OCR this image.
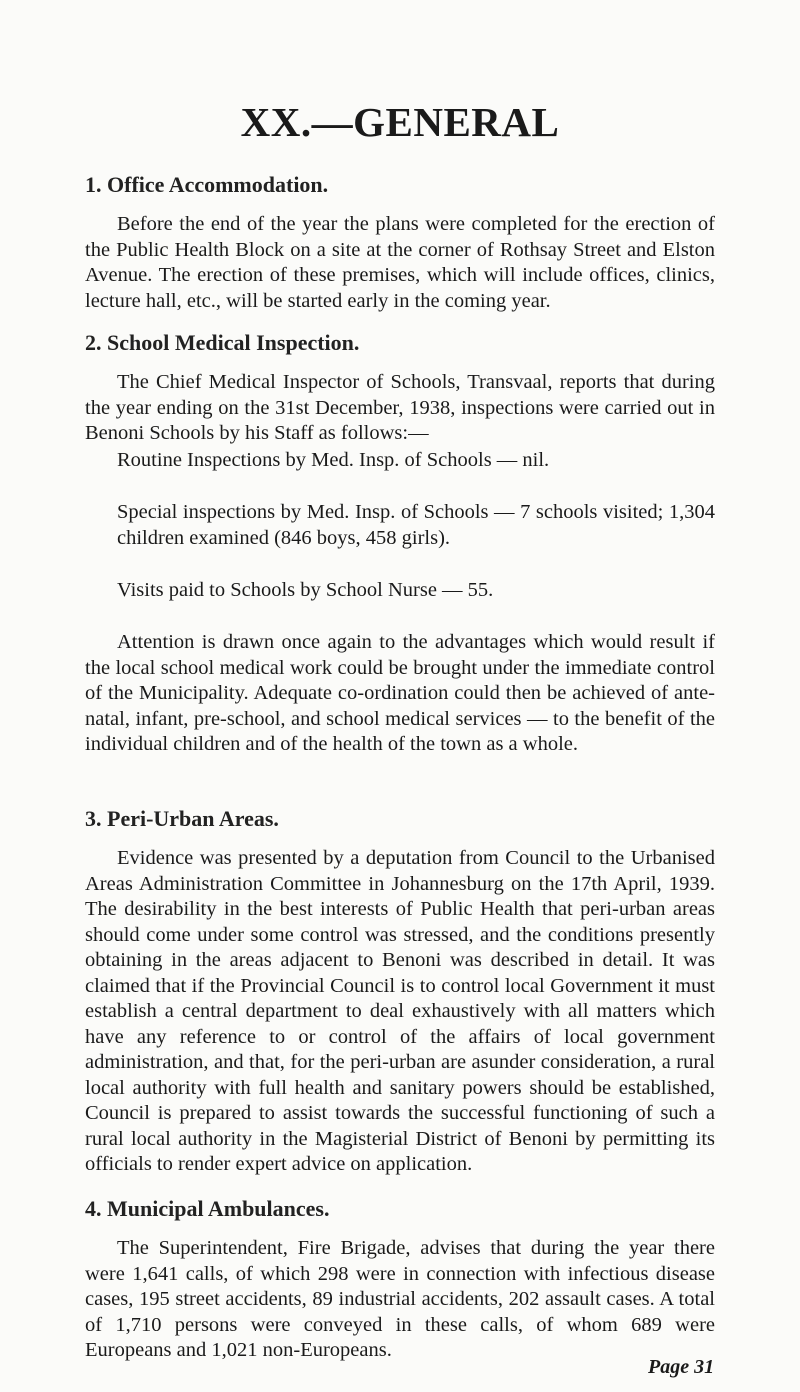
XX.—GENERAL
1. Office Accommodation.
Before the end of the year the plans were completed for the erection of the Public Health Block on a site at the corner of Rothsay Street and Elston Avenue. The erection of these premises, which will include offices, clinics, lecture hall, etc., will be started early in the coming year.
2. School Medical Inspection.
The Chief Medical Inspector of Schools, Transvaal, reports that during the year ending on the 31st December, 1938, inspections were carried out in Benoni Schools by his Staff as follows:—
Routine Inspections by Med. Insp. of Schools — nil.
Special inspections by Med. Insp. of Schools — 7 schools visited; 1,304 children examined (846 boys, 458 girls).
Visits paid to Schools by School Nurse — 55.
Attention is drawn once again to the advantages which would result if the local school medical work could be brought under the immediate control of the Municipality. Adequate co-ordination could then be achieved of ante-natal, infant, pre-school, and school medical services — to the benefit of the individual children and of the health of the town as a whole.
3. Peri-Urban Areas.
Evidence was presented by a deputation from Council to the Urbanised Areas Administration Committee in Johannesburg on the 17th April, 1939. The desirability in the best interests of Public Health that peri-urban areas should come under some control was stressed, and the conditions presently obtaining in the areas adjacent to Benoni was described in detail. It was claimed that if the Provincial Council is to control local Government it must establish a central department to deal exhaustively with all matters which have any reference to or control of the affairs of local government administration, and that, for the peri-urban are asunder consideration, a rural local authority with full health and sanitary powers should be established, Council is prepared to assist towards the successful functioning of such a rural local authority in the Magisterial District of Benoni by permitting its officials to render expert advice on application.
4. Municipal Ambulances.
The Superintendent, Fire Brigade, advises that during the year there were 1,641 calls, of which 298 were in connection with infectious disease cases, 195 street accidents, 89 industrial accidents, 202 assault cases. A total of 1,710 persons were conveyed in these calls, of whom 689 were Europeans and 1,021 non-Europeans.
Page 31
